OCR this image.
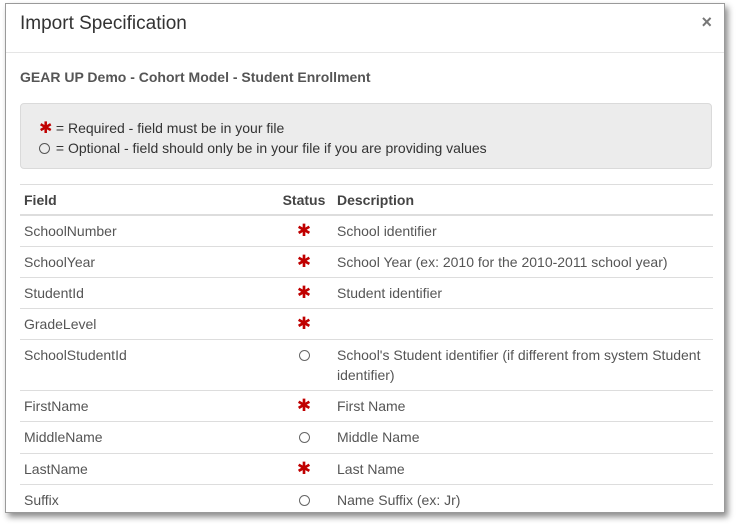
Import Specification	×
GEAR UP Demo - Cohort Model - Student Enrollment
✱ = Required - field must be in your file
= Optional - field should only be in your file if you are providing values
Field	Status	Description
SchoolNumber	✱	School identifier
SchoolYear	✱	School Year (ex: 2010 for the 2010-2011 school year)
StudentId	✱	Student identifier
GradeLevel	✱	
SchoolStudentId		School's Student identifier (if different from system Student identifier)
FirstName	✱	First Name
MiddleName		Middle Name
LastName	✱	Last Name
Suffix		Name Suffix (ex: Jr)
